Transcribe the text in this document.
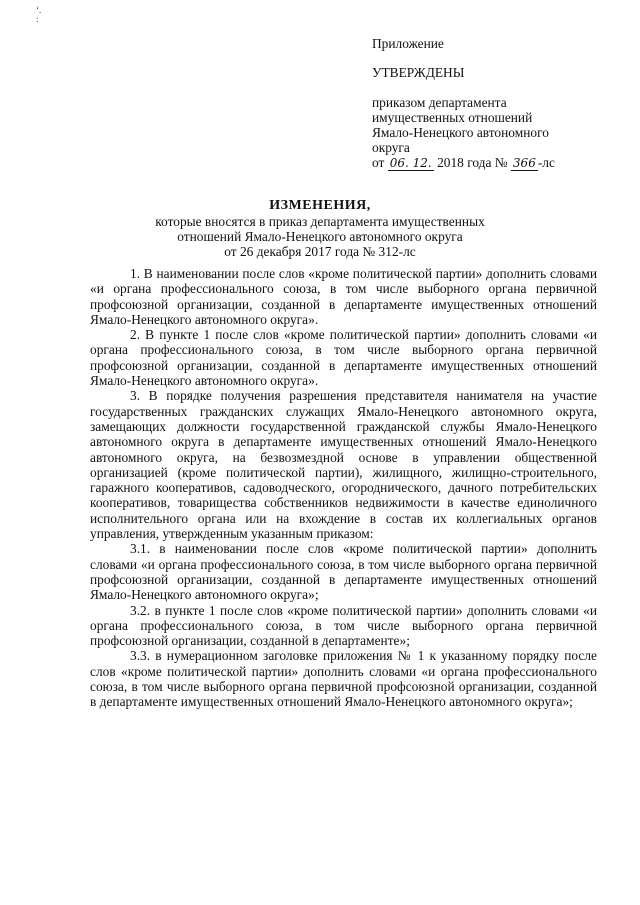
‘.
:
Приложение
УТВЕРЖДЕНЫ
приказом департамента
имущественных отношений
Ямало-Ненецкого автономного
округа
от 06. 12. 2018 года № 366 -лс
ИЗМЕНЕНИЯ,
которые вносятся в приказ департамента имущественных
отношений Ямало-Ненецкого автономного округа
от 26 декабря 2017 года № 312-лс

1. В наименовании после слов «кроме политической партии» дополнить словами «и органа профессионального союза, в том числе выборного органа первичной профсоюзной организации, созданной в департаменте имущественных отношений Ямало-Ненецкого автономного округа».

2. В пункте 1 после слов «кроме политической партии» дополнить словами «и органа профессионального союза, в том числе выборного органа первичной профсоюзной организации, созданной в департаменте имущественных отношений Ямало-Ненецкого автономного округа».

3. В порядке получения разрешения представителя нанимателя на участие государственных гражданских служащих Ямало-Ненецкого автономного округа, замещающих должности государственной гражданской службы Ямало-Ненецкого автономного округа в департаменте имущественных отношений Ямало-Ненецкого автономного округа, на безвозмездной основе в управлении общественной организацией (кроме политической партии), жилищного, жилищно-строительного, гаражного кооперативов, садоводческого, огороднического, дачного потребительских кооперативов, товарищества собственников недвижимости в качестве единоличного исполнительного органа или на вхождение в состав их коллегиальных органов управления, утвержденным указанным приказом:

3.1. в наименовании после слов «кроме политической партии» дополнить словами «и органа профессионального союза, в том числе выборного органа первичной профсоюзной организации, созданной в департаменте имущественных отношений Ямало-Ненецкого автономного округа»;

3.2. в пункте 1 после слов «кроме политической партии» дополнить словами «и органа профессионального союза, в том числе выборного органа первичной профсоюзной организации, созданной в департаменте»;

3.3. в нумерационном заголовке приложения № 1 к указанному порядку после слов «кроме политической партии» дополнить словами «и органа профессионального союза, в том числе выборного органа первичной профсоюзной организации, созданной в департаменте имущественных отношений Ямало-Ненецкого автономного округа»;
